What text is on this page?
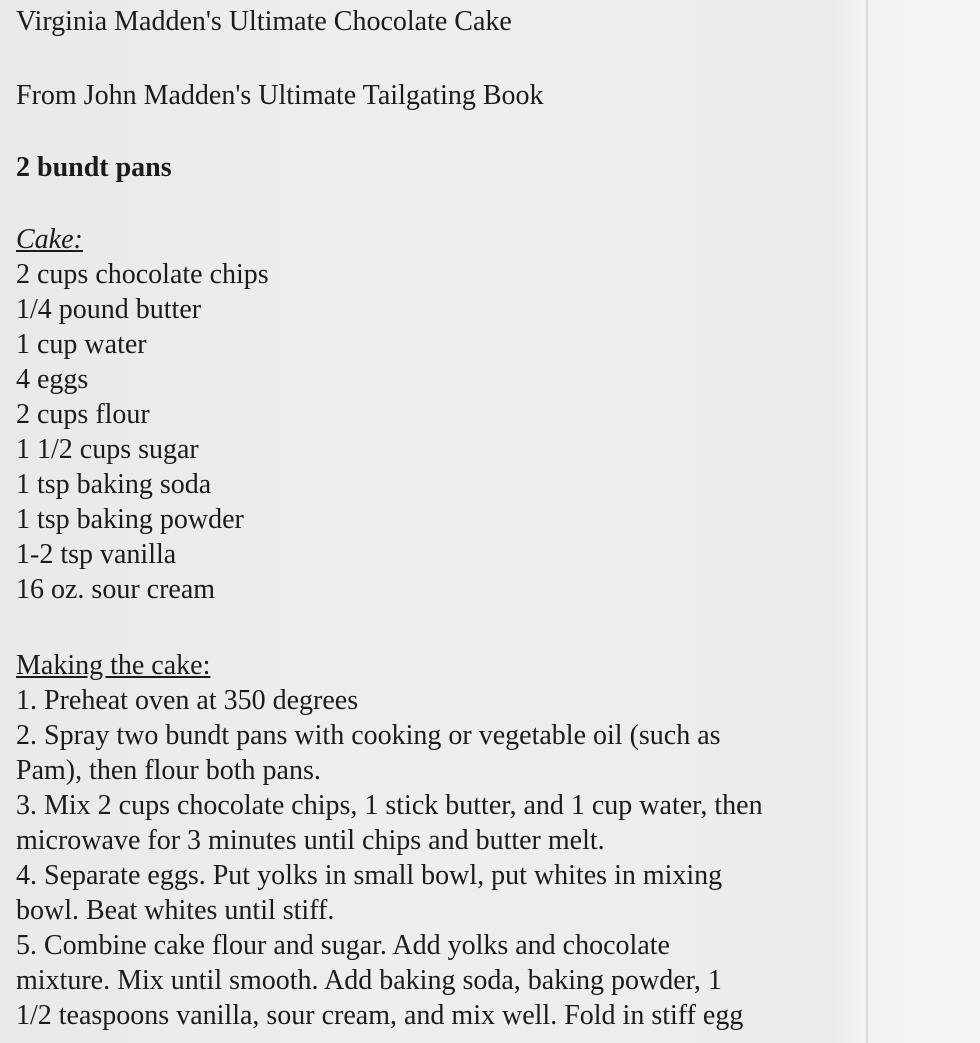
Virginia Madden's Ultimate Chocolate Cake
From John Madden's Ultimate Tailgating Book
2 bundt pans
Cake:
2 cups chocolate chips
1/4 pound butter
1 cup water
4 eggs
2 cups flour
1 1/2 cups sugar
1 tsp baking soda
1 tsp baking powder
1-2 tsp vanilla
16 oz. sour cream
Making the cake:
1. Preheat oven at 350 degrees
2. Spray two bundt pans with cooking or vegetable oil (such as
Pam), then flour both pans.
3. Mix 2 cups chocolate chips, 1 stick butter, and 1 cup water, then
microwave for 3 minutes until chips and butter melt.
4. Separate eggs. Put yolks in small bowl, put whites in mixing
bowl. Beat whites until stiff.
5. Combine cake flour and sugar. Add yolks and chocolate
mixture. Mix until smooth. Add baking soda, baking powder, 1
1/2 teaspoons vanilla, sour cream, and mix well. Fold in stiff egg
